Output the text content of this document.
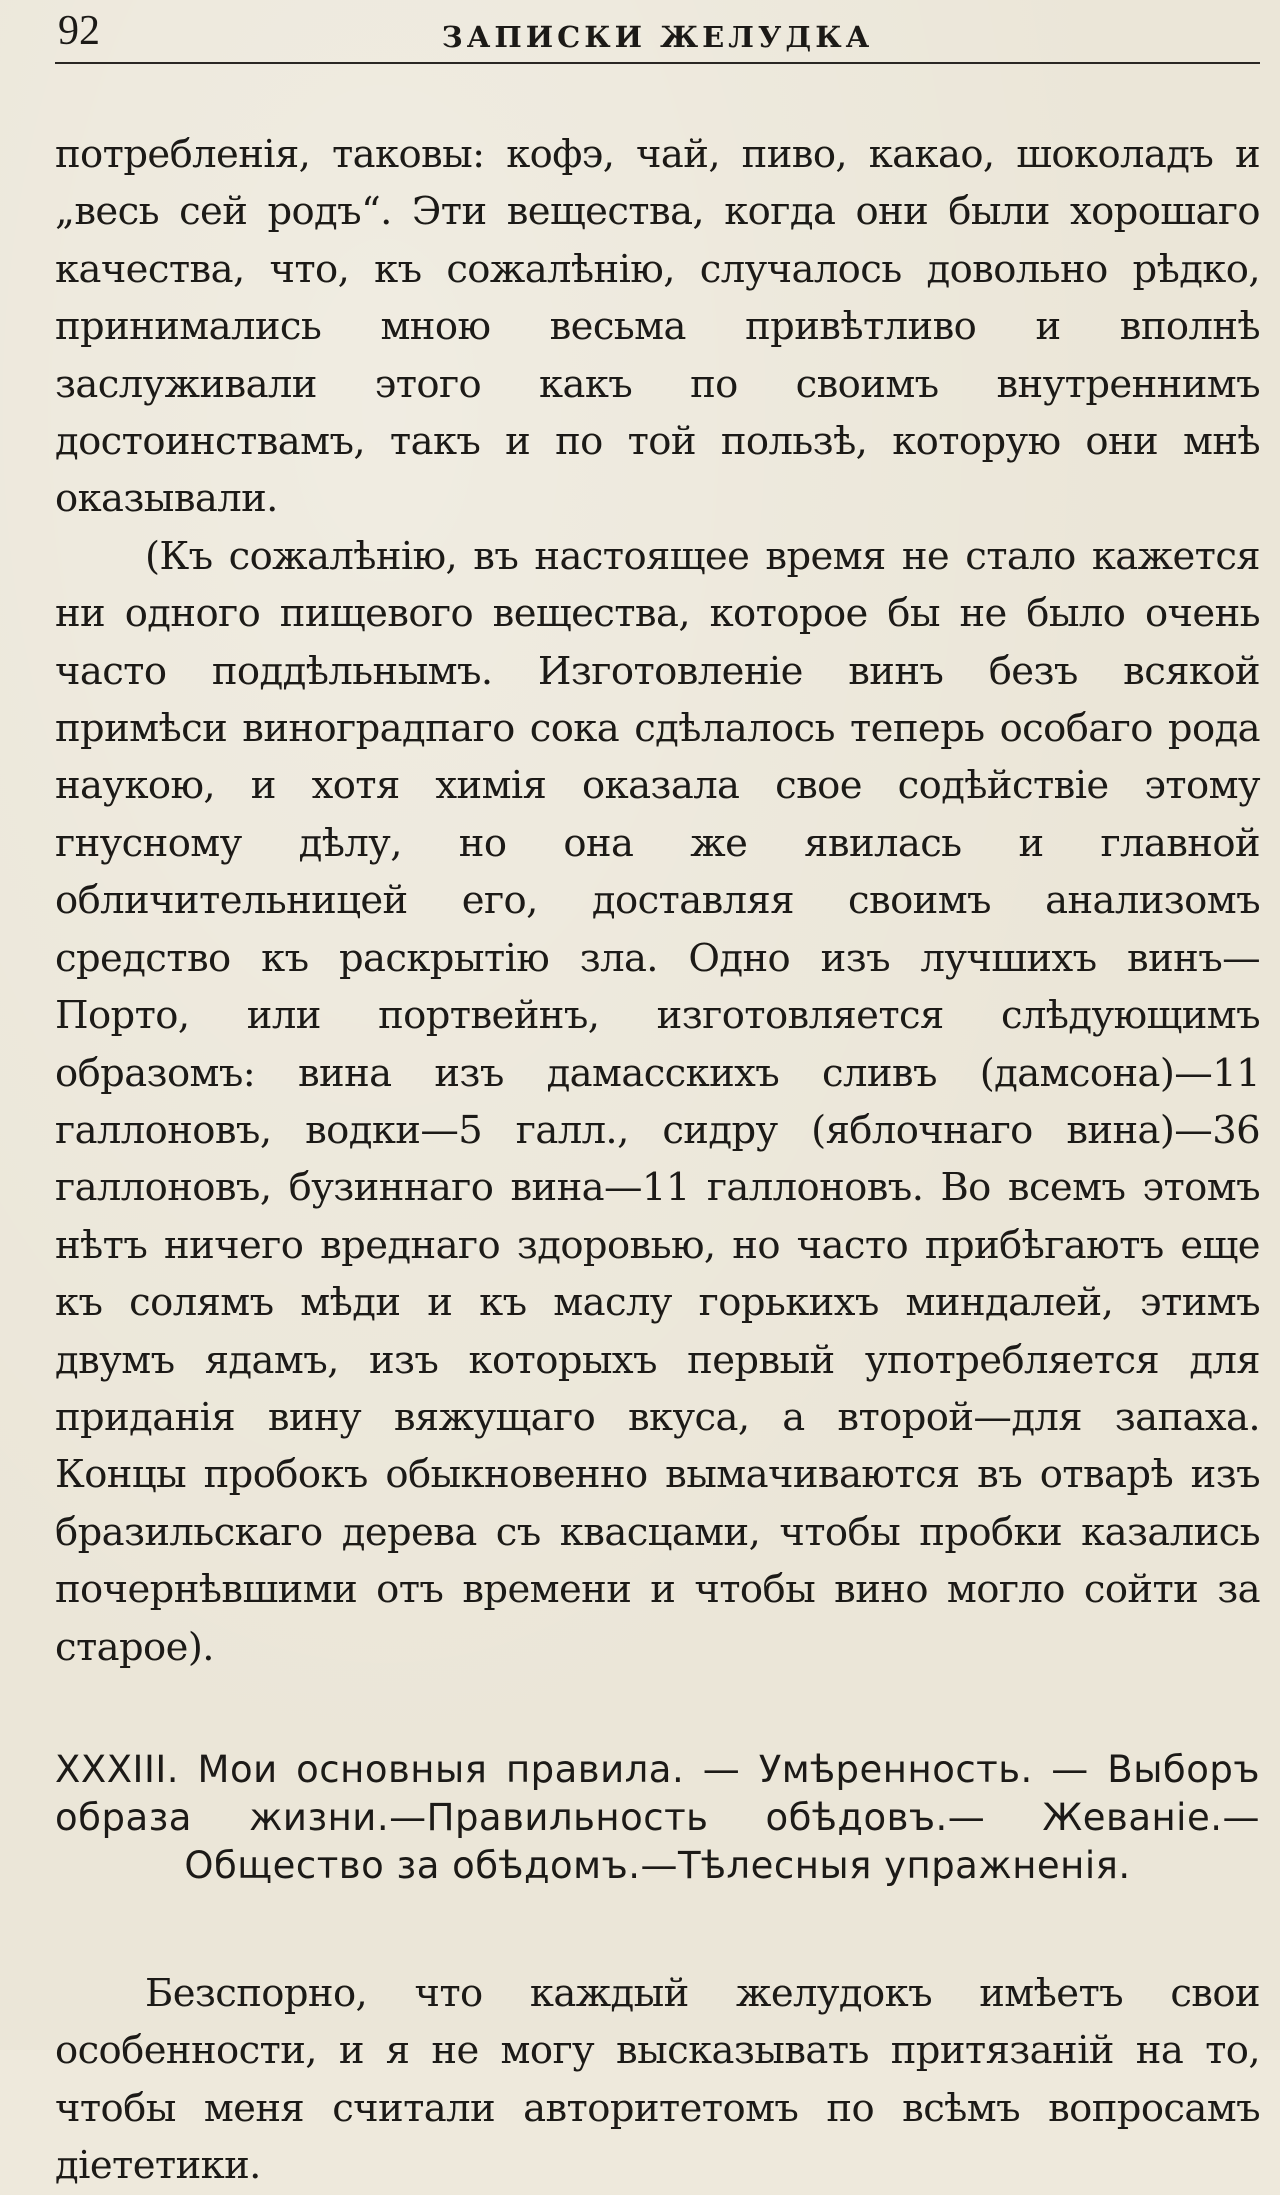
92	ЗАПИСКИ ЖЕЛУДКА

потребленія, таковы: кофэ, чай, пиво, какао, шоколадъ и „весь сей родъ“. Эти вещества, когда они были хорошаго качества, что, къ сожалѣнію, случалось довольно рѣдко, принимались мною весьма привѣтливо и вполнѣ заслуживали этого какъ по своимъ внутреннимъ достоинствамъ, такъ и по той пользѣ, которую они мнѣ оказывали.

(Къ сожалѣнію, въ настоящее время не стало кажется ни одного пищевого вещества, которое бы не было очень часто поддѣльнымъ. Изготовленіе винъ безъ всякой примѣси виноградпаго сока сдѣлалось теперь особаго рода наукою, и хотя химія оказала свое содѣйствіе этому гнусному дѣлу, но она же явилась и главной обличительницей его, доставляя своимъ анализомъ средство къ раскрытію зла. Одно изъ лучшихъ винъ—Порто, или портвейнъ, изготовляется слѣдующимъ образомъ: вина изъ дамасскихъ сливъ (дамсона)—11 галлоновъ, водки—5 галл., сидру (яблочнаго вина)—36 галлоновъ, бузиннаго вина—11 галлоновъ. Во всемъ этомъ нѣтъ ничего вреднаго здоровью, но часто прибѣгаютъ еще къ солямъ мѣди и къ маслу горькихъ миндалей, этимъ двумъ ядамъ, изъ которыхъ первый употребляется для приданія вину вяжущаго вкуса, а второй—для запаха. Концы пробокъ обыкновенно вымачиваются въ отварѣ изъ бразильскаго дерева съ квасцами, чтобы пробки казались почернѣвшими отъ времени и чтобы вино могло сойти за старое).

XXXIII. Мои основныя правила. — Умѣренность. — Выборъ образа жизни.—Правильность обѣдовъ.— Жеваніе.—Общество за обѣдомъ.—Тѣлесныя упражненія.

Безспорно, что каждый желудокъ имѣетъ свои особенности, и я не могу высказывать притязаній на то, чтобы меня считали авторитетомъ по всѣмъ вопросамъ діететики.
